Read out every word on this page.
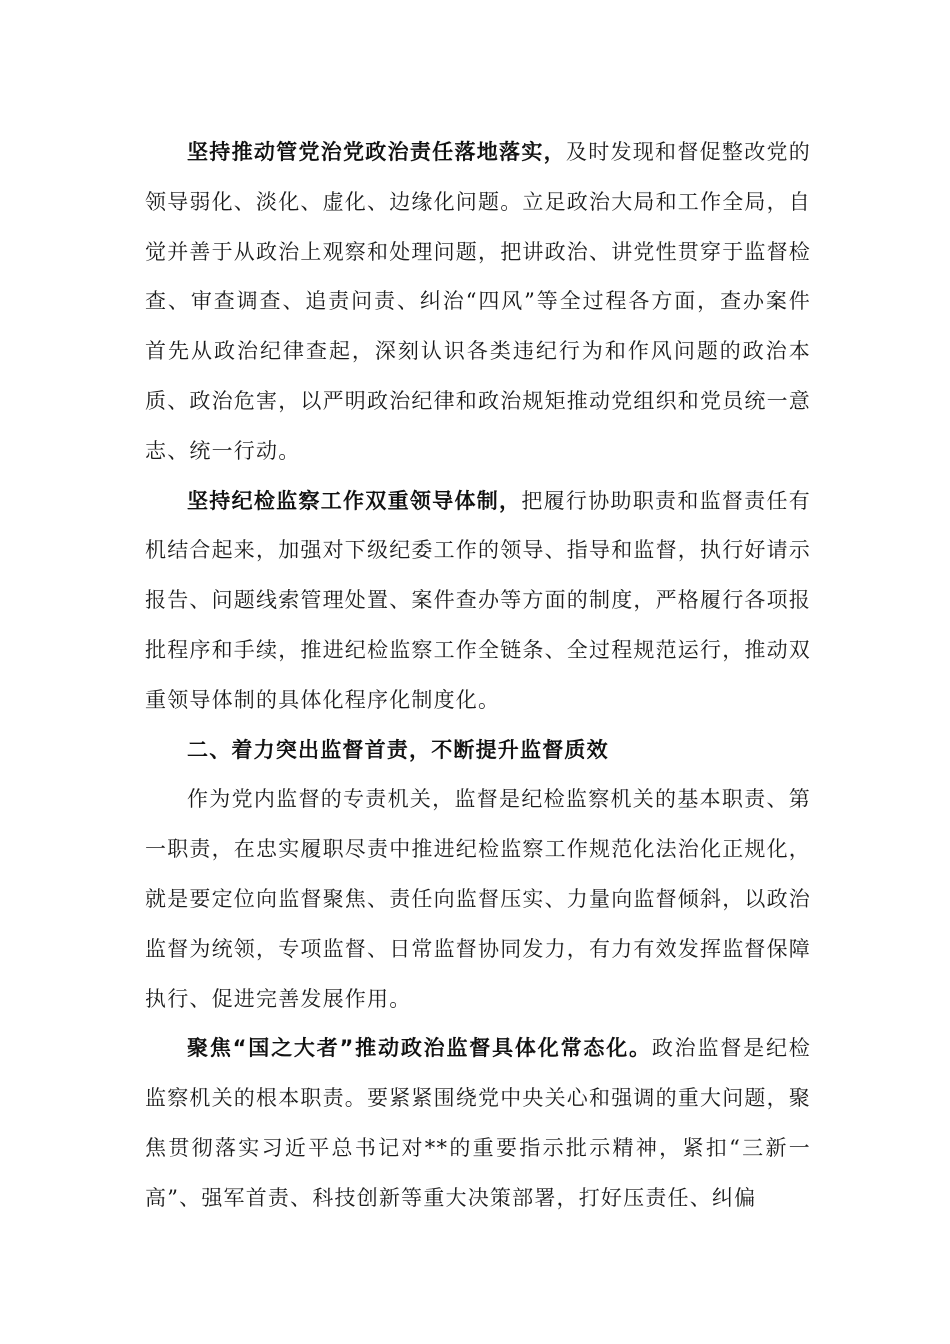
坚持推动管党治党政治责任落地落实，及时发现和督促整改党的领导弱化、淡化、虚化、边缘化问题。立足政治大局和工作全局，自觉并善于从政治上观察和处理问题，把讲政治、讲党性贯穿于监督检查、审查调查、追责问责、纠治“四风”等全过程各方面，查办案件首先从政治纪律查起，深刻认识各类违纪行为和作风问题的政治本质、政治危害，以严明政治纪律和政治规矩推动党组织和党员统一意志、统一行动。

坚持纪检监察工作双重领导体制，把履行协助职责和监督责任有机结合起来，加强对下级纪委工作的领导、指导和监督，执行好请示报告、问题线索管理处置、案件查办等方面的制度，严格履行各项报批程序和手续，推进纪检监察工作全链条、全过程规范运行，推动双重领导体制的具体化程序化制度化。

二、着力突出监督首责，不断提升监督质效

作为党内监督的专责机关，监督是纪检监察机关的基本职责、第一职责，在忠实履职尽责中推进纪检监察工作规范化法治化正规化，就是要定位向监督聚焦、责任向监督压实、力量向监督倾斜，以政治监督为统领，专项监督、日常监督协同发力，有力有效发挥监督保障执行、促进完善发展作用。

聚焦“国之大者”推动政治监督具体化常态化。政治监督是纪检监察机关的根本职责。要紧紧围绕党中央关心和强调的重大问题，聚焦贯彻落实习近平总书记对**的重要指示批示精神，紧扣“三新一高”、强军首责、科技创新等重大决策部署，打好压责任、纠偏
